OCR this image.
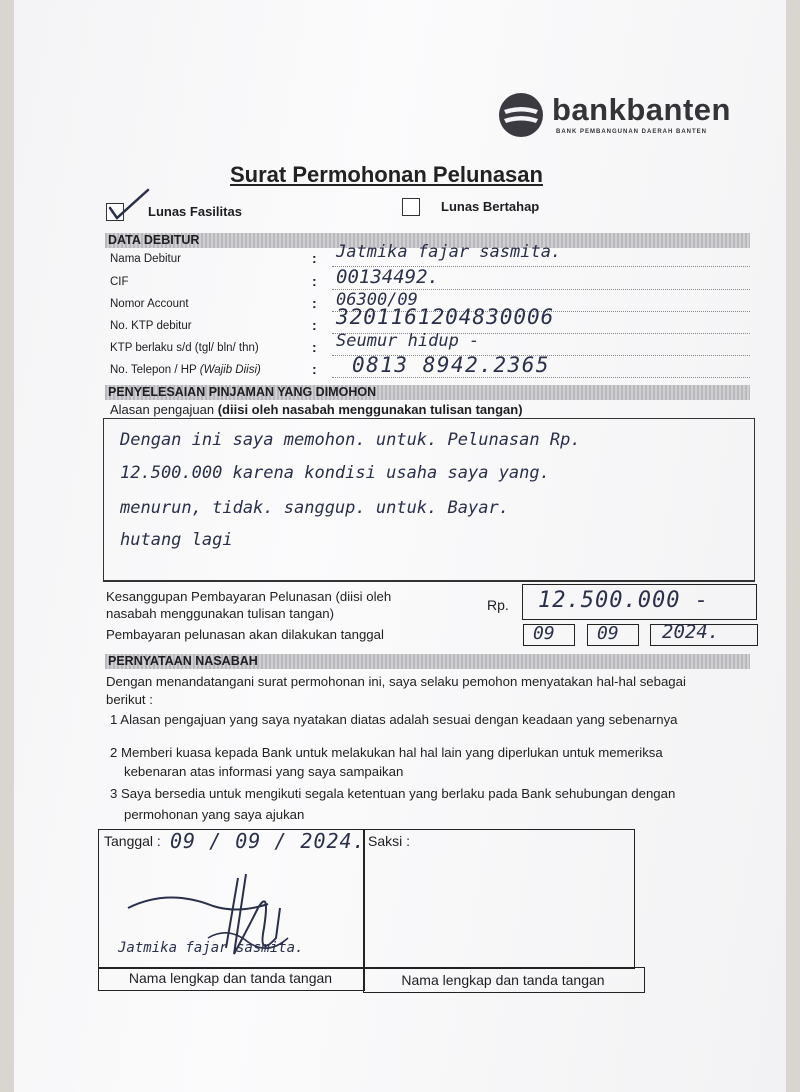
bankbanten
BANK PEMBANGUNAN DAERAH BANTEN
Surat Permohonan Pelunasan
Lunas Fasilitas	Lunas Bertahap
DATA DEBITUR
Nama Debitur	: Jatmika fajar sasmita.
CIF	: 00134492.
Nomor Account	: 06300/09
No. KTP debitur	: 3201161204830006
KTP berlaku s/d (tgl/ bln/ thn)	: Seumur hidup -
No. Telepon / HP (Wajib Diisi)	: 0813 8942.2365
PENYELESAIAN PINJAMAN YANG DIMOHON
Alasan pengajuan (diisi oleh nasabah menggunakan tulisan tangan)
Dengan ini saya memohon. untuk. Pelunasan Rp.
12.500.000 karena kondisi usaha saya yang.
menurun, tidak. sanggup. untuk. Bayar.
hutang lagi
Kesanggupan Pembayaran Pelunasan (diisi oleh
nasabah menggunakan tulisan tangan)
Rp. 12.500.000 -
Pembayaran pelunasan akan dilakukan tanggal	09 09 2024.
PERNYATAAN NASABAH
Dengan menandatangani surat permohonan ini, saya selaku pemohon menyatakan hal-hal sebagai
berikut :
1 Alasan pengajuan yang saya nyatakan diatas adalah sesuai dengan keadaan yang sebenarnya
2 Memberi kuasa kepada Bank untuk melakukan hal hal lain yang diperlukan untuk memeriksa
kebenaran atas informasi yang saya sampaikan
3 Saya bersedia untuk mengikuti segala ketentuan yang berlaku pada Bank sehubungan dengan
permohonan yang saya ajukan
Tanggal : 09 / 09 / 2024. Saksi :
Jatmika fajar sasmita.
Nama lengkap dan tanda tangan	Nama lengkap dan tanda tangan
